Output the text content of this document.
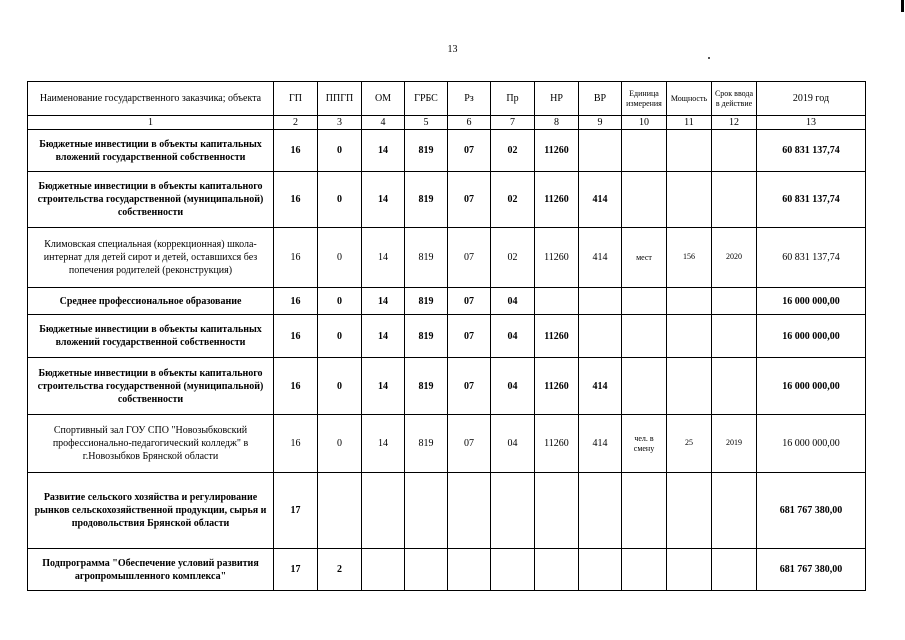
13
Наименование государственного заказчика; объекта	ГП	ППГП	ОМ	ГРБС	Рз	Пр	НР	ВР	Единица измерения	Мощность	Срок ввода в действие	2019 год
1	2	3	4	5	6	7	8	9	10	11	12	13
Бюджетные инвестиции в объекты капитальных вложений государственной собственности	16	0	14	819	07	02	11260					60 831 137,74
Бюджетные инвестиции в объекты капитального строительства государственной (муниципальной) собственности	16	0	14	819	07	02	11260	414				60 831 137,74
Климовская специальная (коррекционная) школа-интернат для детей сирот и детей, оставшихся без попечения родителей (реконструкция)	16	0	14	819	07	02	11260	414	мест	156	2020	60 831 137,74
Среднее профессиональное образование	16	0	14	819	07	04						16 000 000,00
Бюджетные инвестиции в объекты капитальных вложений государственной собственности	16	0	14	819	07	04	11260					16 000 000,00
Бюджетные инвестиции в объекты капитального строительства государственной (муниципальной) собственности	16	0	14	819	07	04	11260	414				16 000 000,00
Спортивный зал ГОУ СПО "Новозыбковский профессионально-педагогический колледж" в г.Новозыбков Брянской области	16	0	14	819	07	04	11260	414	чел. в смену	25	2019	16 000 000,00
Развитие сельского хозяйства и регулирование рынков сельскохозяйственной продукции, сырья и продовольствия Брянской области	17											681 767 380,00
Подпрограмма "Обеспечение условий развития агропромышленного комплекса"	17	2										681 767 380,00
